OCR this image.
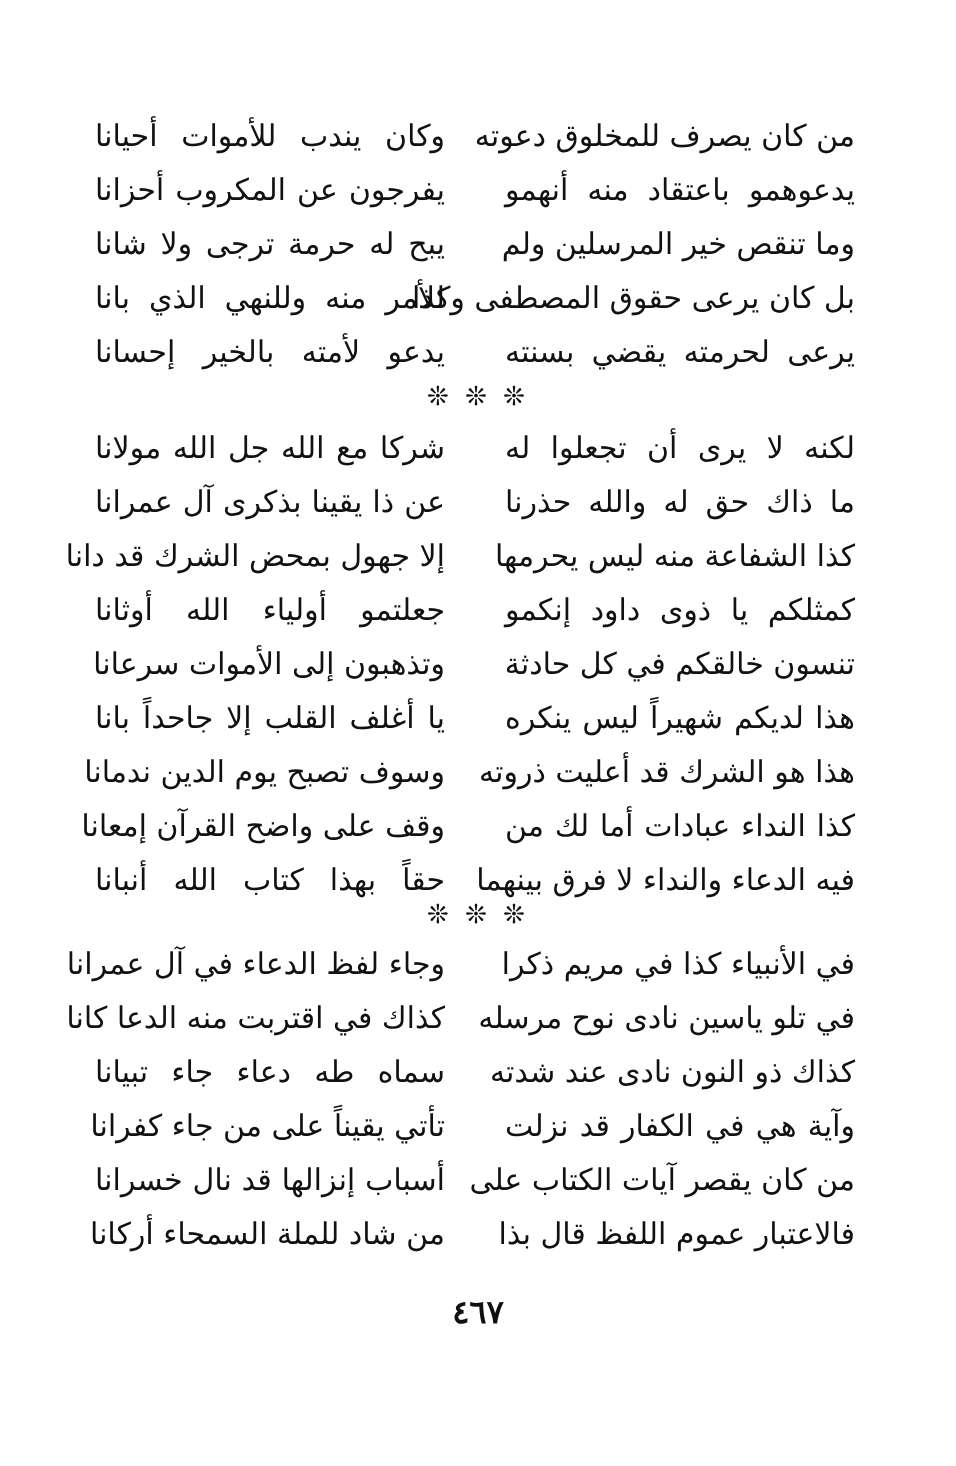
من كان يصرف للمخلوق دعوته
وكان يندب للأموات أحيانا
يدعوهمو باعتقاد منه أنهمو
يفرجون عن المكروب أحزانا
وما تنقص خير المرسلين ولم
يبح له حرمة ترجى ولا شانا
بل كان يرعى حقوق المصطفى وكذا
للأمر منه وللنهي الذي بانا
يرعى لحرمته يقضي بسنته
يدعو لأمته بالخير إحسانا
❊ ❊ ❊
لكنه لا يرى أن تجعلوا له
شركا مع الله جل الله مولانا
ما ذاك حق له والله حذرنا
عن ذا يقينا بذكرى آل عمرانا
كذا الشفاعة منه ليس يحرمها
إلا جهول بمحض الشرك قد دانا
كمثلكم يا ذوى داود إنكمو
جعلتمو أولياء الله أوثانا
تنسون خالقكم في كل حادثة
وتذهبون إلى الأموات سرعانا
هذا لديكم شهيراً ليس ينكره
يا أغلف القلب إلا جاحداً بانا
هذا هو الشرك قد أعليت ذروته
وسوف تصبح يوم الدين ندمانا
كذا النداء عبادات أما لك من
وقف على واضح القرآن إمعانا
فيه الدعاء والنداء لا فرق بينهما
حقاً بهذا كتاب الله أنبانا
❊ ❊ ❊
في الأنبياء كذا في مريم ذكرا
وجاء لفظ الدعاء في آل عمرانا
في تلو ياسين نادى نوح مرسله
كذاك في اقتربت منه الدعا كانا
كذاك ذو النون نادى عند شدته
سماه طه دعاء جاء تبيانا
وآية هي في الكفار قد نزلت
تأتي يقيناً على من جاء كفرانا
من كان يقصر آيات الكتاب على
أسباب إنزالها قد نال خسرانا
فالاعتبار عموم اللفظ قال بذا
من شاد للملة السمحاء أركانا
٤٦٧
